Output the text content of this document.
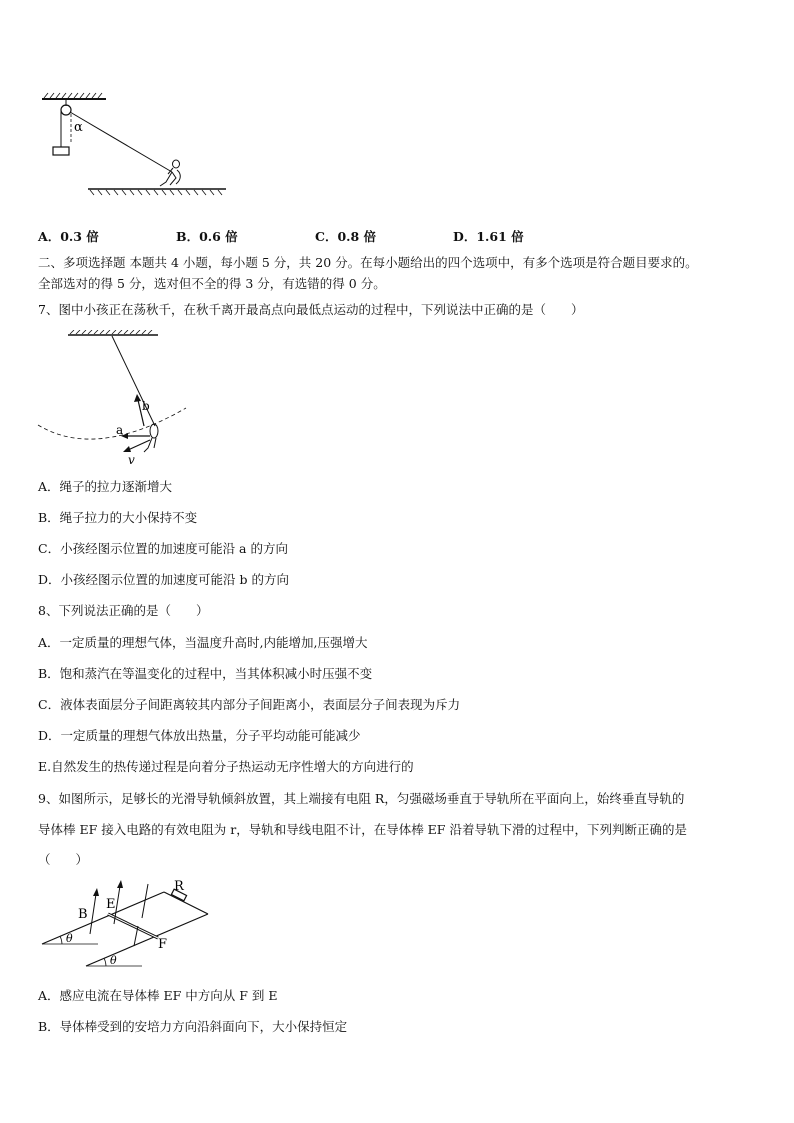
α
A．0.3 倍	B．0.6 倍	C．0.8 倍	D．1.61 倍
二、多项选择题 本题共 4 小题，每小题 5 分，共 20 分。在每小题给出的四个选项中，有多个选项是符合题目要求的。
全部选对的得 5 分，选对但不全的得 3 分，有选错的得 0 分。
7、图中小孩正在荡秋千，在秋千离开最高点向最低点运动的过程中，下列说法中正确的是（　　）
b
a
v
A．绳子的拉力逐渐增大
B．绳子拉力的大小保持不变
C．小孩经图示位置的加速度可能沿 a 的方向
D．小孩经图示位置的加速度可能沿 b 的方向
8、下列说法正确的是（　　）
A．一定质量的理想气体，当温度升高时,内能增加,压强增大
B．饱和蒸汽在等温变化的过程中，当其体积减小时压强不变
C．液体表面层分子间距离较其内部分子间距离小，表面层分子间表现为斥力
D．一定质量的理想气体放出热量，分子平均动能可能减少
E.自然发生的热传递过程是向着分子热运动无序性增大的方向进行的
9、如图所示，足够长的光滑导轨倾斜放置，其上端接有电阻 R，匀强磁场垂直于导轨所在平面向上，始终垂直导轨的
导体棒 EF 接入电路的有效电阻为 r，导轨和导线电阻不计，在导体棒 EF 沿着导轨下滑的过程中，下列判断正确的是
（　　）
R
E
F
B
θ
θ
A．感应电流在导体棒 EF 中方向从 F 到 E
B．导体棒受到的安培力方向沿斜面向下，大小保持恒定
